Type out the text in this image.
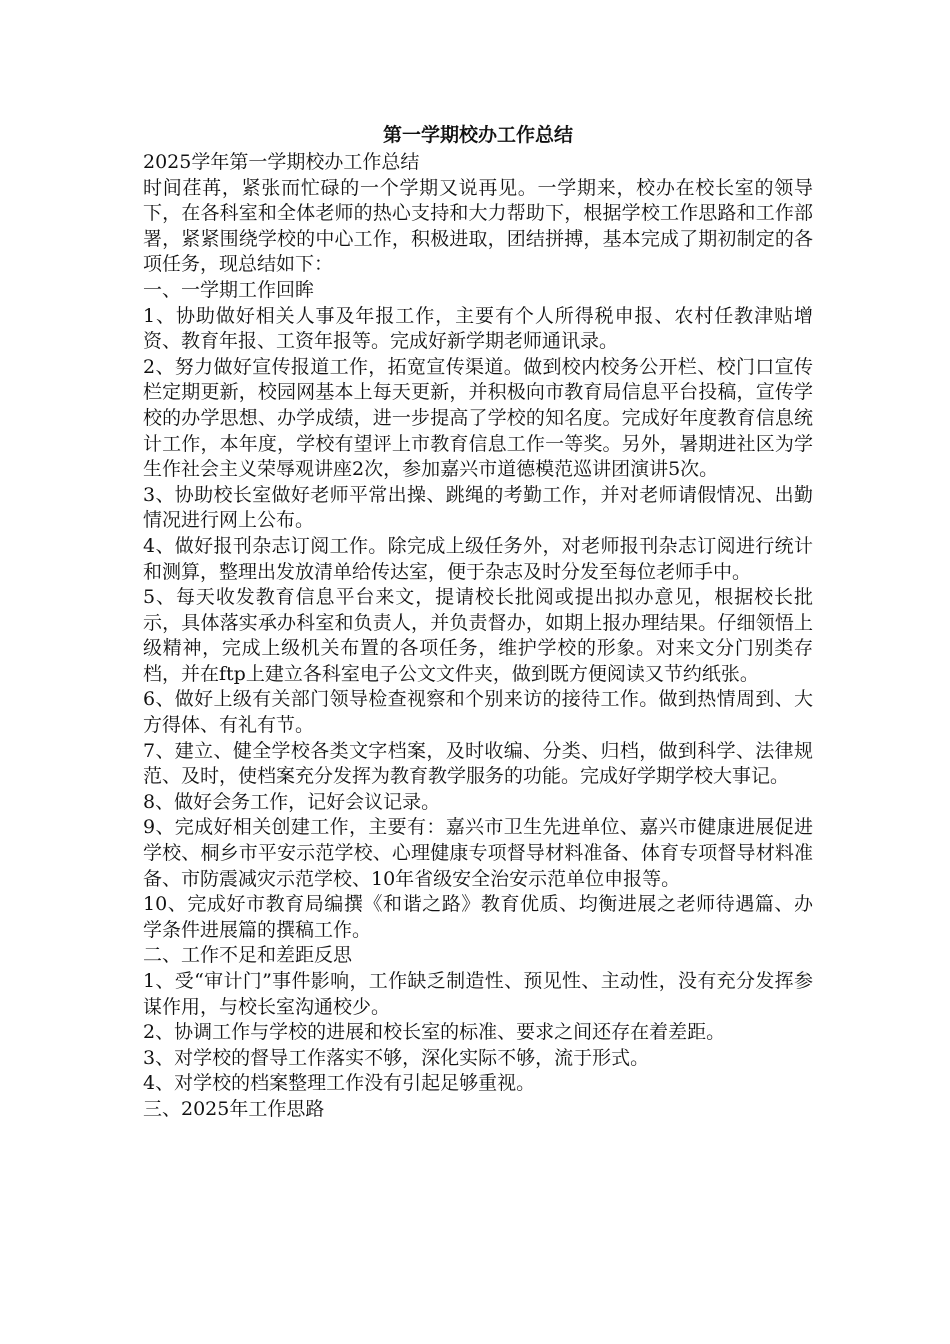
第一学期校办工作总结

2025学年第一学期校办工作总结

时间荏苒，紧张而忙碌的一个学期又说再见。一学期来，校办在校长室的领导下，在各科室和全体老师的热心支持和大力帮助下，根据学校工作思路和工作部署，紧紧围绕学校的中心工作，积极进取，团结拼搏，基本完成了期初制定的各项任务，现总结如下：

一、一学期工作回眸

1、协助做好相关人事及年报工作，主要有个人所得税申报、农村任教津贴增资、教育年报、工资年报等。完成好新学期老师通讯录。

2、努力做好宣传报道工作，拓宽宣传渠道。做到校内校务公开栏、校门口宣传栏定期更新，校园网基本上每天更新，并积极向市教育局信息平台投稿，宣传学校的办学思想、办学成绩，进一步提高了学校的知名度。完成好年度教育信息统计工作，本年度，学校有望评上市教育信息工作一等奖。另外，暑期进社区为学生作社会主义荣辱观讲座2次，参加嘉兴市道德模范巡讲团演讲5次。

3、协助校长室做好老师平常出操、跳绳的考勤工作，并对老师请假情况、出勤情况进行网上公布。

4、做好报刊杂志订阅工作。除完成上级任务外，对老师报刊杂志订阅进行统计和测算，整理出发放清单给传达室，便于杂志及时分发至每位老师手中。

5、每天收发教育信息平台来文，提请校长批阅或提出拟办意见，根据校长批示，具体落实承办科室和负责人，并负责督办，如期上报办理结果。仔细领悟上级精神，完成上级机关布置的各项任务，维护学校的形象。对来文分门别类存档，并在ftp上建立各科室电子公文文件夹，做到既方便阅读又节约纸张。

6、做好上级有关部门领导检查视察和个别来访的接待工作。做到热情周到、大方得体、有礼有节。

7、建立、健全学校各类文字档案，及时收编、分类、归档，做到科学、法律规范、及时，使档案充分发挥为教育教学服务的功能。完成好学期学校大事记。

8、做好会务工作，记好会议记录。

9、完成好相关创建工作，主要有：嘉兴市卫生先进单位、嘉兴市健康进展促进学校、桐乡市平安示范学校、心理健康专项督导材料准备、体育专项督导材料准备、市防震减灾示范学校、10年省级安全治安示范单位申报等。

10、完成好市教育局编撰《和谐之路》教育优质、均衡进展之老师待遇篇、办学条件进展篇的撰稿工作。

二、工作不足和差距反思

1、受“审计门”事件影响，工作缺乏制造性、预见性、主动性，没有充分发挥参谋作用，与校长室沟通校少。

2、协调工作与学校的进展和校长室的标准、要求之间还存在着差距。

3、对学校的督导工作落实不够，深化实际不够，流于形式。

4、对学校的档案整理工作没有引起足够重视。

三、2025年工作思路
